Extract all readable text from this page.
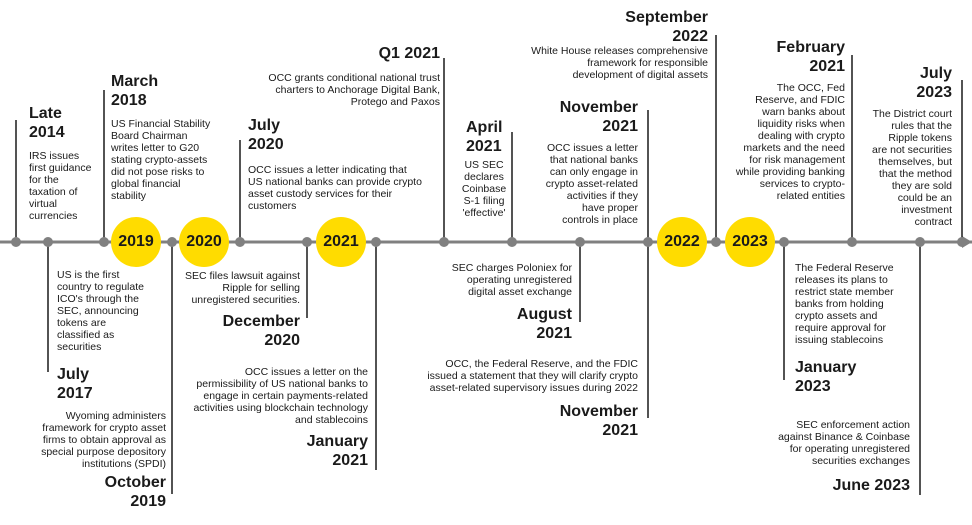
2019	2020	2021	2022	2023
Late
2014
IRS issues
first guidance
for the
taxation of
virtual
currencies
US is the first
country to regulate
ICO's through the
SEC, announcing
tokens are
classified as
securities
July
2017
March
2018
US Financial Stability
Board Chairman
writes letter to G20
stating crypto-assets
did not pose risks to
global financial
stability
Wyoming administers
framework for crypto asset
firms to obtain approval as
special purpose depository
institutions (SPDI)
October
2019
July
2020
OCC issues a letter indicating that
US national banks can provide crypto
asset custody services for their
customers
SEC files lawsuit against
Ripple for selling
unregistered securities.
December
2020
Q1 2021
OCC grants conditional national trust
charters to Anchorage Digital Bank,
Protego and Paxos
OCC issues a letter on the
permissibility of US national banks to
engage in certain payments-related
activities using blockchain technology
and stablecoins
January
2021
April
2021
US SEC
declares
Coinbase
S-1 filing
'effective'
SEC charges Poloniex for
operating unregistered
digital asset exchange
August
2021
November
2021
OCC issues a letter
that national banks
can only engage in
crypto asset-related
activities if they
have proper
controls in place
OCC, the Federal Reserve, and the FDIC
issued a statement that they will clarify crypto
asset-related supervisory issues during 2022
November
2021
September
2022
White House releases comprehensive
framework for responsible
development of digital assets
The Federal Reserve
releases its plans to
restrict state member
banks from holding
crypto assets and
require approval for
issuing stablecoins
January
2023
February
2021
The OCC, Fed
Reserve, and FDIC
warn banks about
liquidity risks when
dealing with crypto
markets and the need
for risk management
while providing banking
services to crypto-
related entities
SEC enforcement action
against Binance & Coinbase
for operating unregistered
securities exchanges
June 2023
July
2023
The District court
rules that the
Ripple tokens
are not securities
themselves, but
that the method
they are sold
could be an
investment
contract
